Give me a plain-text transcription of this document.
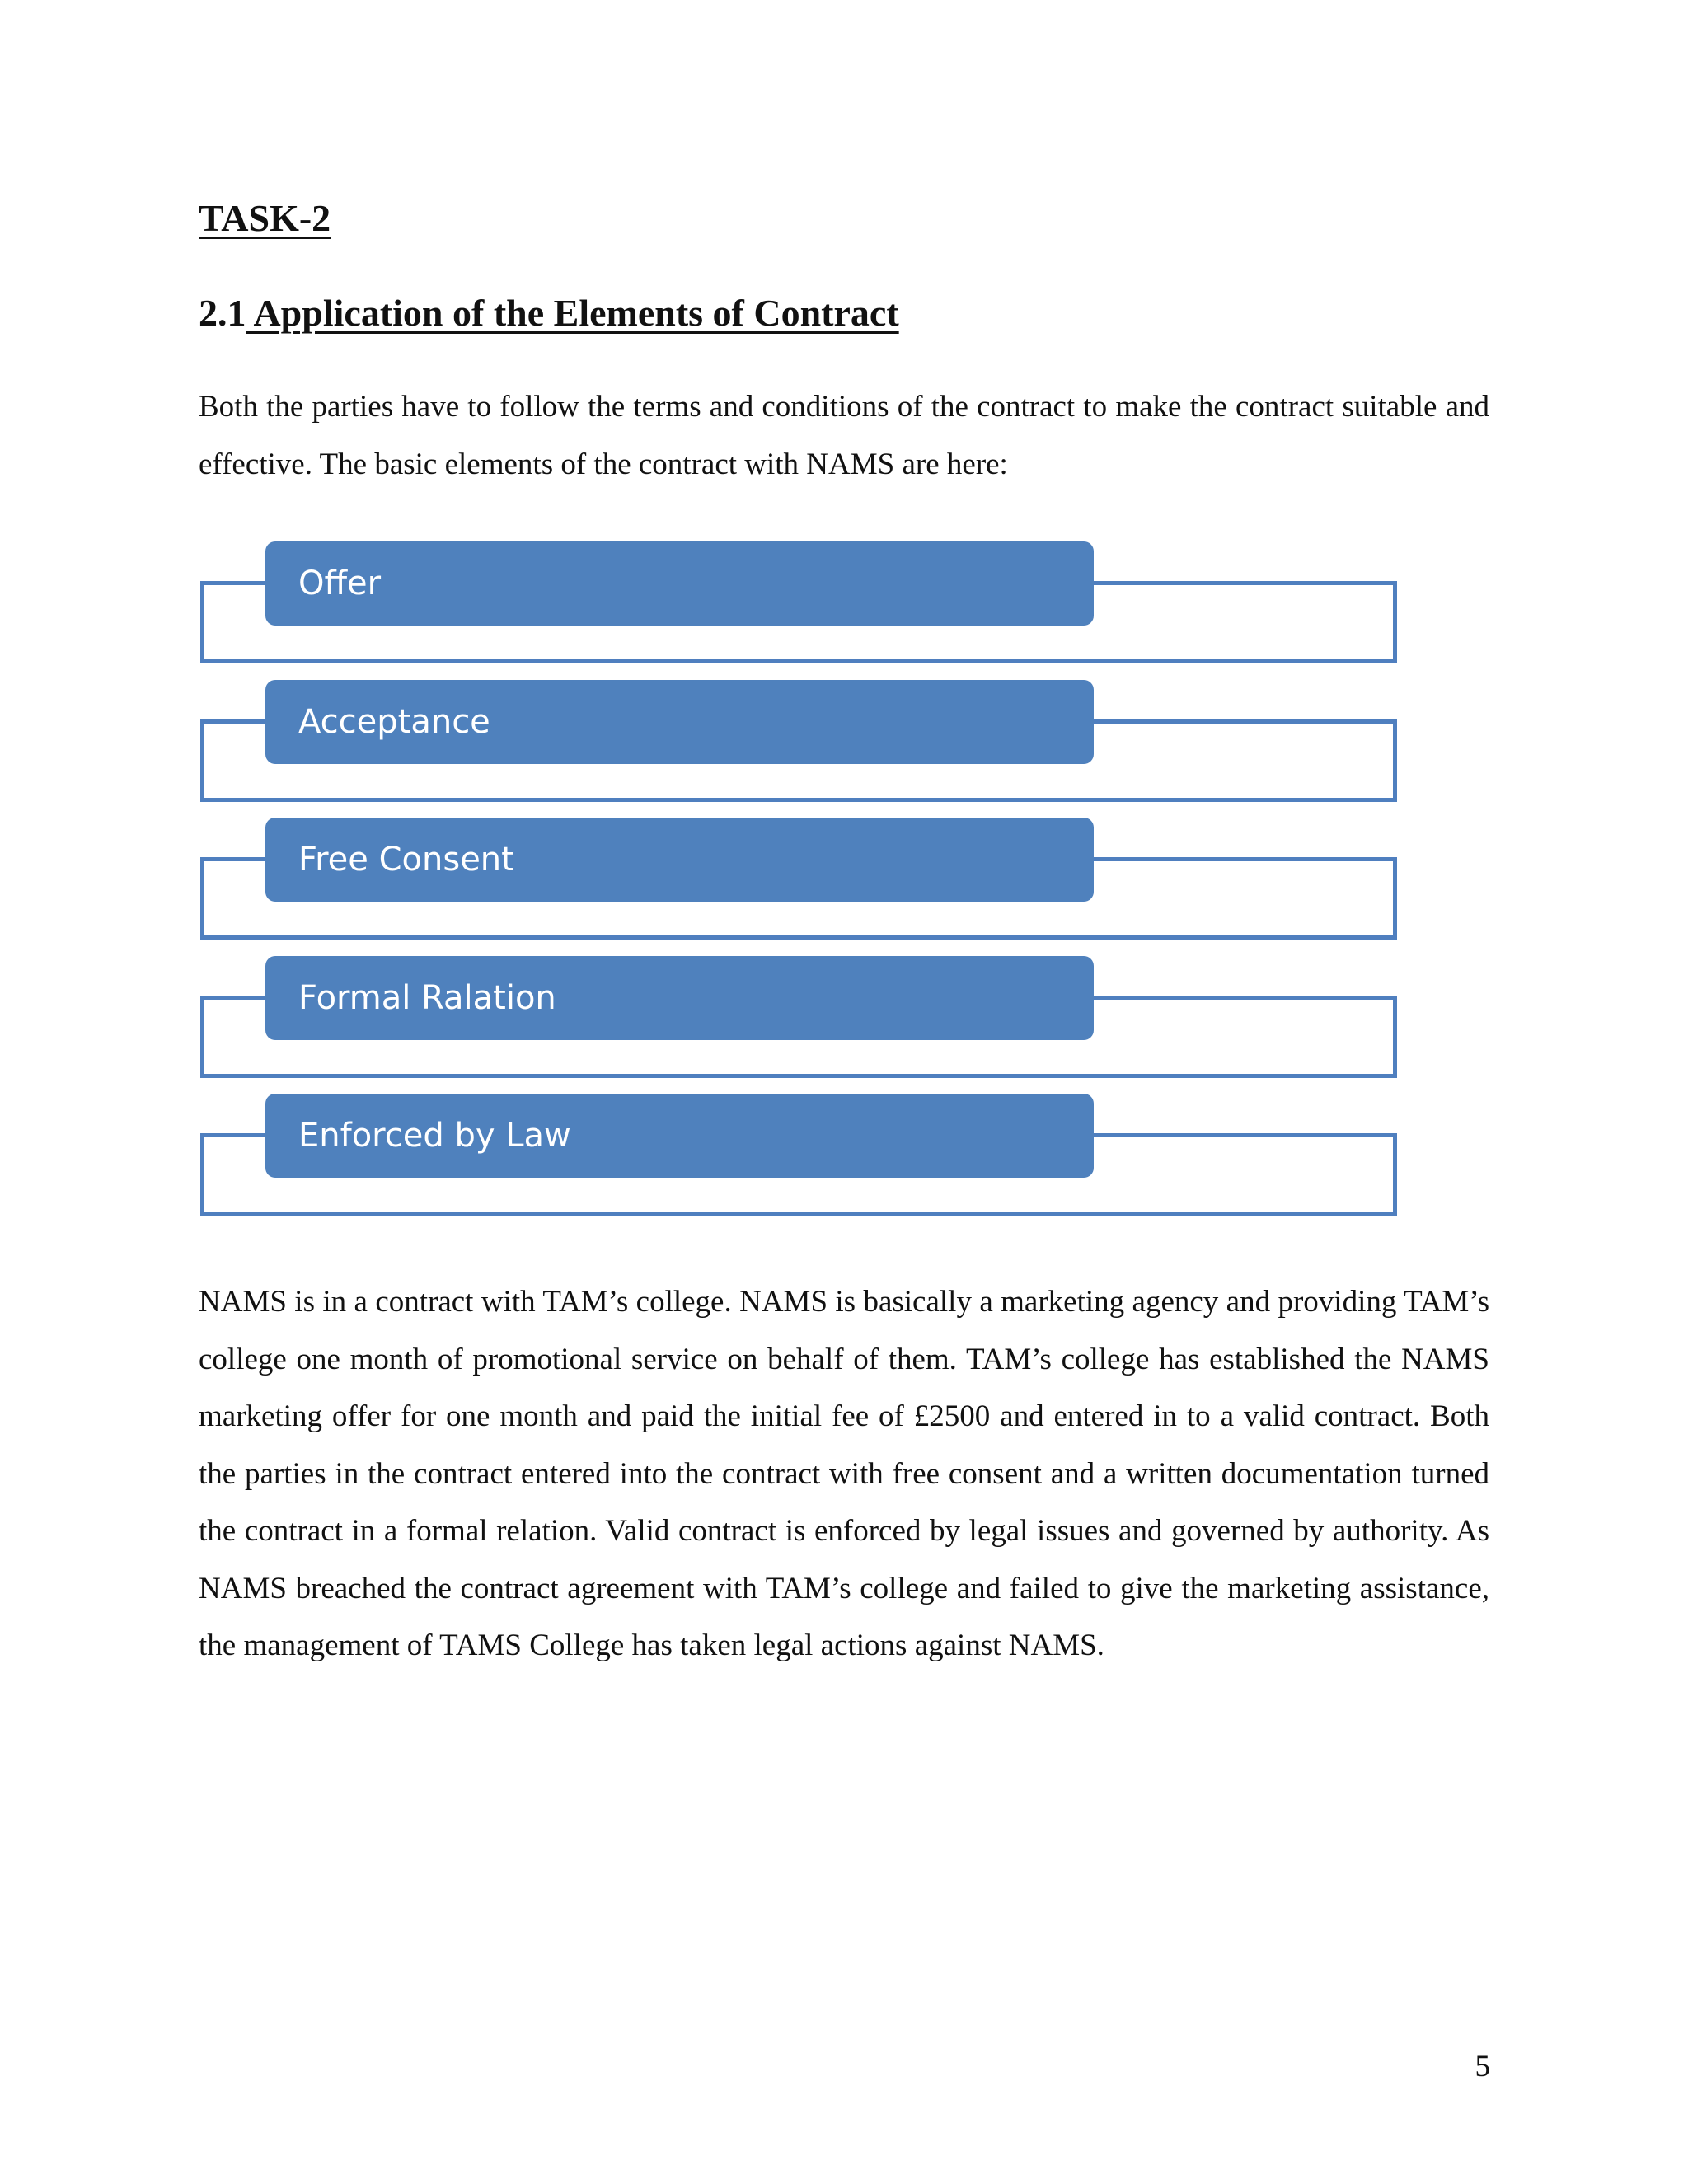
TASK-2
2.1 Application of the Elements of Contract

Both the parties have to follow the terms and conditions of the contract to make the contract suitable and effective. The basic elements of the contract with NAMS are here:

Offer
Acceptance
Free Consent
Formal Ralation
Enforced by Law

NAMS is in a contract with TAM’s college. NAMS is basically a marketing agency and providing TAM’s college one month of promotional service on behalf of them. TAM’s college has established the NAMS marketing offer for one month and paid the initial fee of £2500 and entered in to a valid contract. Both the parties in the contract entered into the contract with free consent and a written documentation turned the contract in a formal relation. Valid contract is enforced by legal issues and governed by authority. As NAMS breached the contract agreement with TAM’s college and failed to give the marketing assistance, the management of TAMS College has taken legal actions against NAMS.

5
